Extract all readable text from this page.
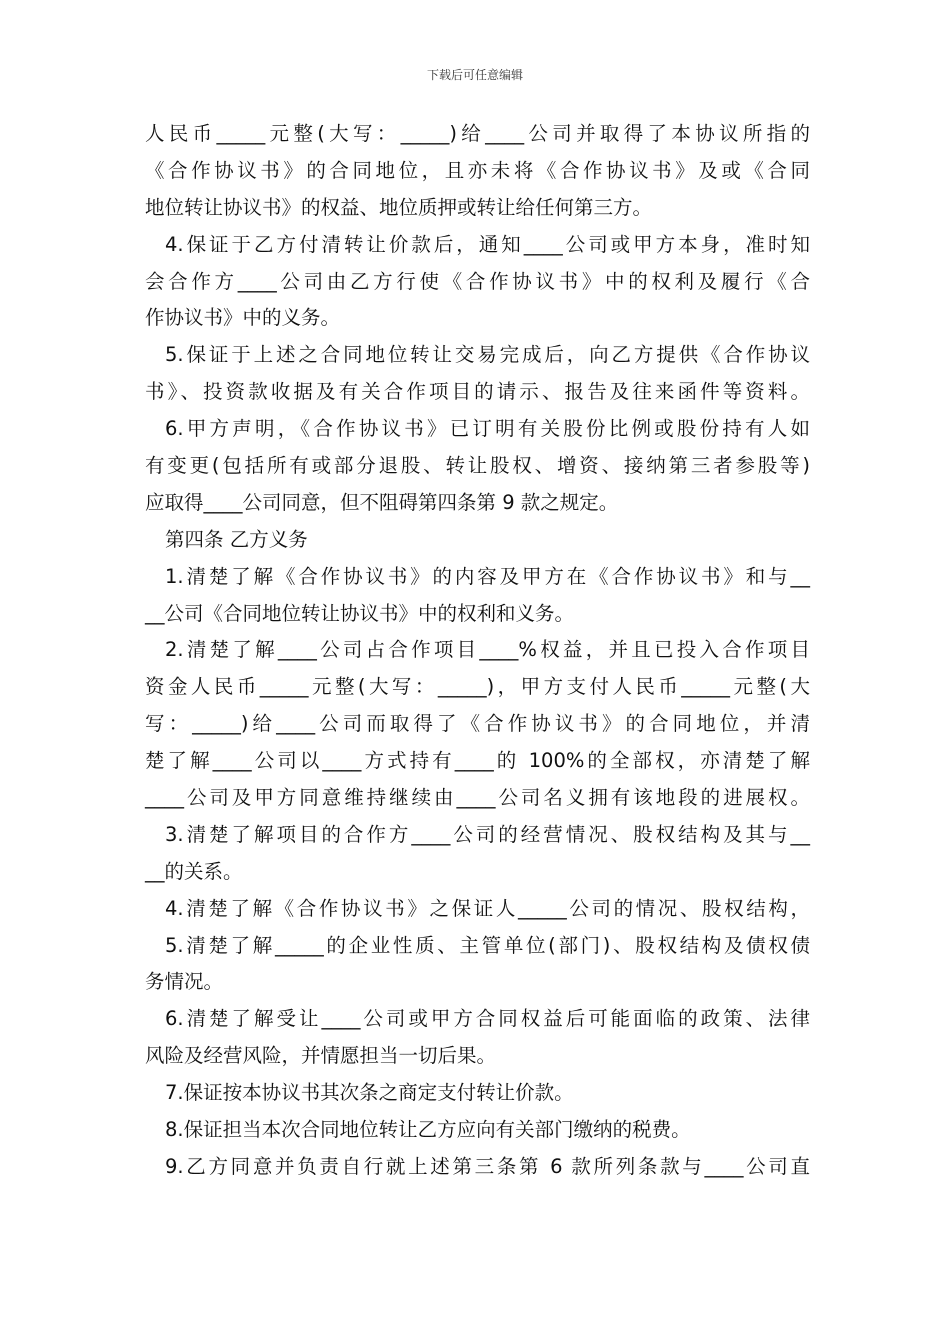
下载后可任意编辑
人民币_____元整(大写：_____)给____公司并取得了本协议所指的
《合作协议书》的合同地位，且亦未将《合作协议书》及或《合同
地位转让协议书》的权益、地位质押或转让给任何第三方。
4.保证于乙方付清转让价款后，通知____公司或甲方本身，准时知
会合作方____公司由乙方行使《合作协议书》中的权利及履行《合
作协议书》中的义务。
5.保证于上述之合同地位转让交易完成后，向乙方提供《合作协议
书》、投资款收据及有关合作项目的请示、报告及往来函件等资料。
6.甲方声明，《合作协议书》已订明有关股份比例或股份持有人如
有变更(包括所有或部分退股、转让股权、增资、接纳第三者参股等)
应取得____公司同意，但不阻碍第四条第 9 款之规定。
第四条 乙方义务
1.清楚了解《合作协议书》的内容及甲方在《合作协议书》和与__
__公司《合同地位转让协议书》中的权利和义务。
2.清楚了解____公司占合作项目____%权益，并且已投入合作项目
资金人民币_____元整(大写：_____)，甲方支付人民币_____元整(大
写：_____)给____公司而取得了《合作协议书》的合同地位，并清
楚了解____公司以____方式持有____的 100%的全部权，亦清楚了解
____公司及甲方同意维持继续由____公司名义拥有该地段的进展权。
3.清楚了解项目的合作方____公司的经营情况、股权结构及其与__
__的关系。
4.清楚了解《合作协议书》之保证人_____公司的情况、股权结构，
5.清楚了解_____的企业性质、主管单位(部门)、股权结构及债权债
务情况。
6.清楚了解受让____公司或甲方合同权益后可能面临的政策、法律
风险及经营风险，并情愿担当一切后果。
7.保证按本协议书其次条之商定支付转让价款。
8.保证担当本次合同地位转让乙方应向有关部门缴纳的税费。
9.乙方同意并负责自行就上述第三条第 6 款所列条款与____公司直
